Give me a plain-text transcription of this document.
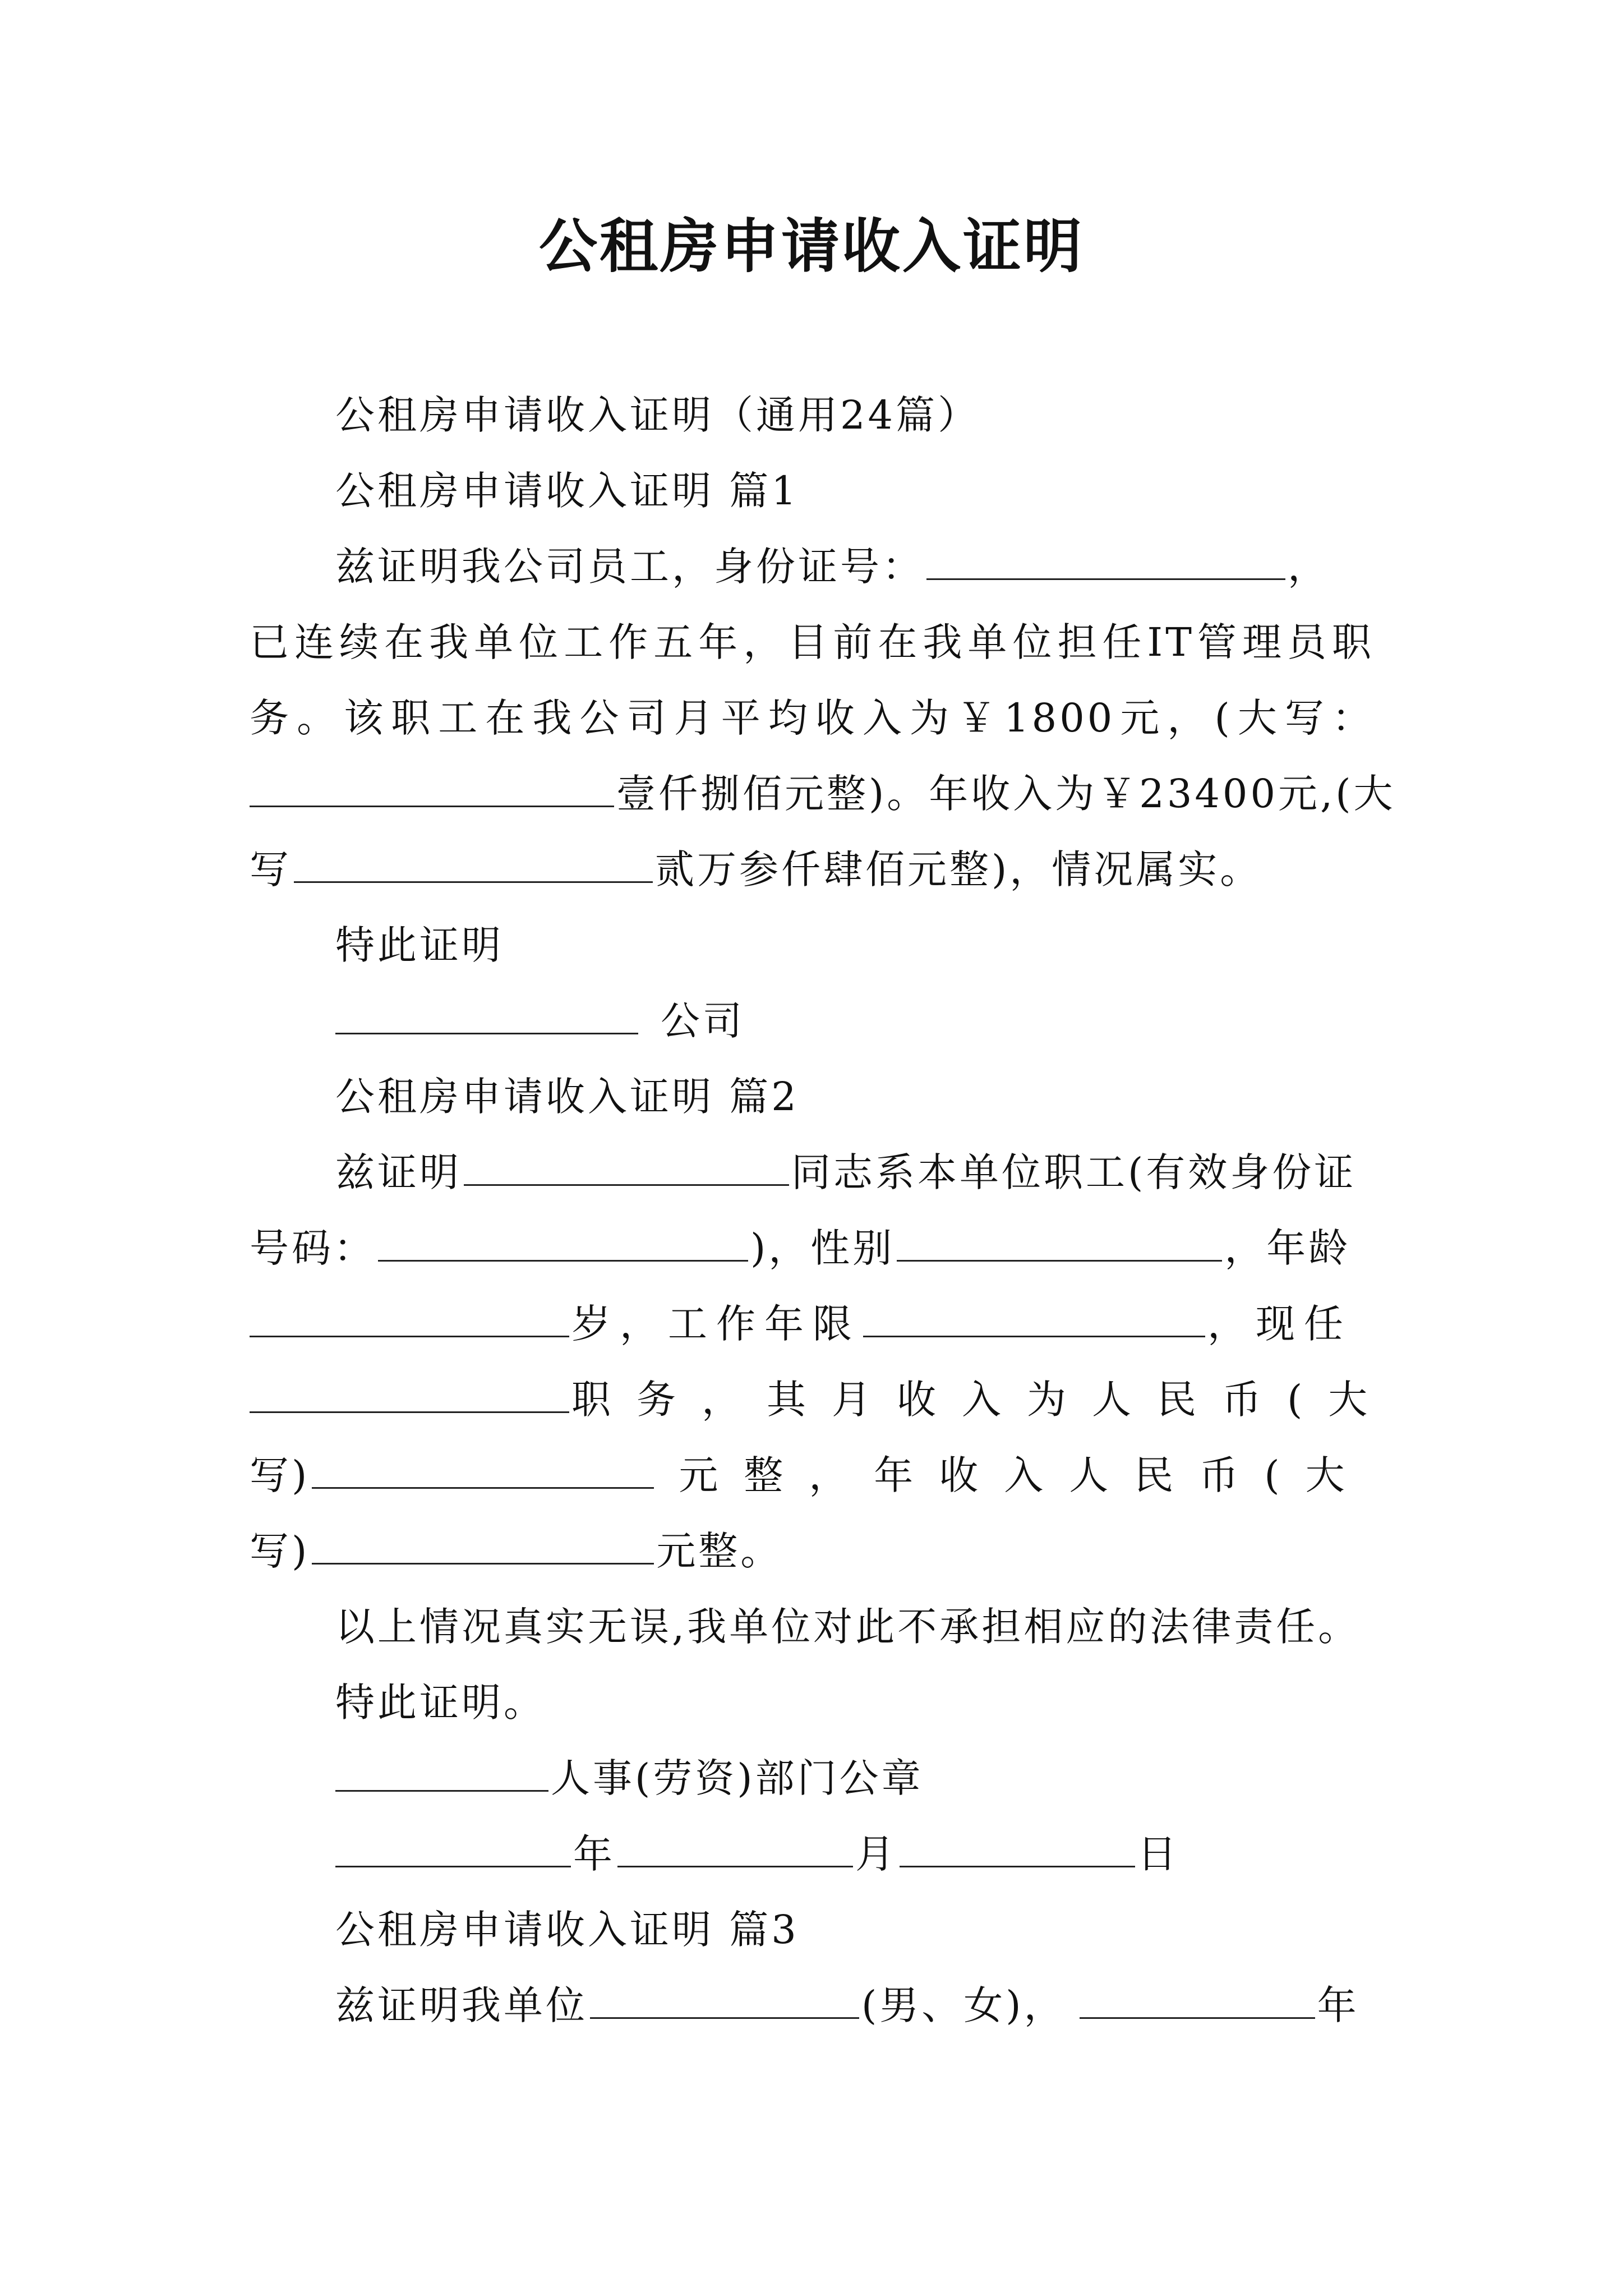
公租房申请收入证明
公租房申请收入证明（通用24篇）
公租房申请收入证明 篇1
兹证明我公司员工，身份证号：	，
已连续在我单位工作五年，目前在我单位担任IT管理员职
务。该职工在我公司月平均收入为￥1800元，(大写：
壹仟捌佰元整)。年收入为￥23400元,(大
写	贰万参仟肆佰元整)，情况属实。
特此证明
公司
公租房申请收入证明 篇2
兹证明	同志系本单位职工(有效身份证
号码：	)，性别	，年龄
岁，工作年限	，现任
职务，其月收入为人民币(大
写)	元整，年收入人民币(大
写)	元整。
以上情况真实无误,我单位对此不承担相应的法律责任。
特此证明。
人事(劳资)部门公章
年	月	日
公租房申请收入证明 篇3
兹证明我单位	(男、女)，	年
